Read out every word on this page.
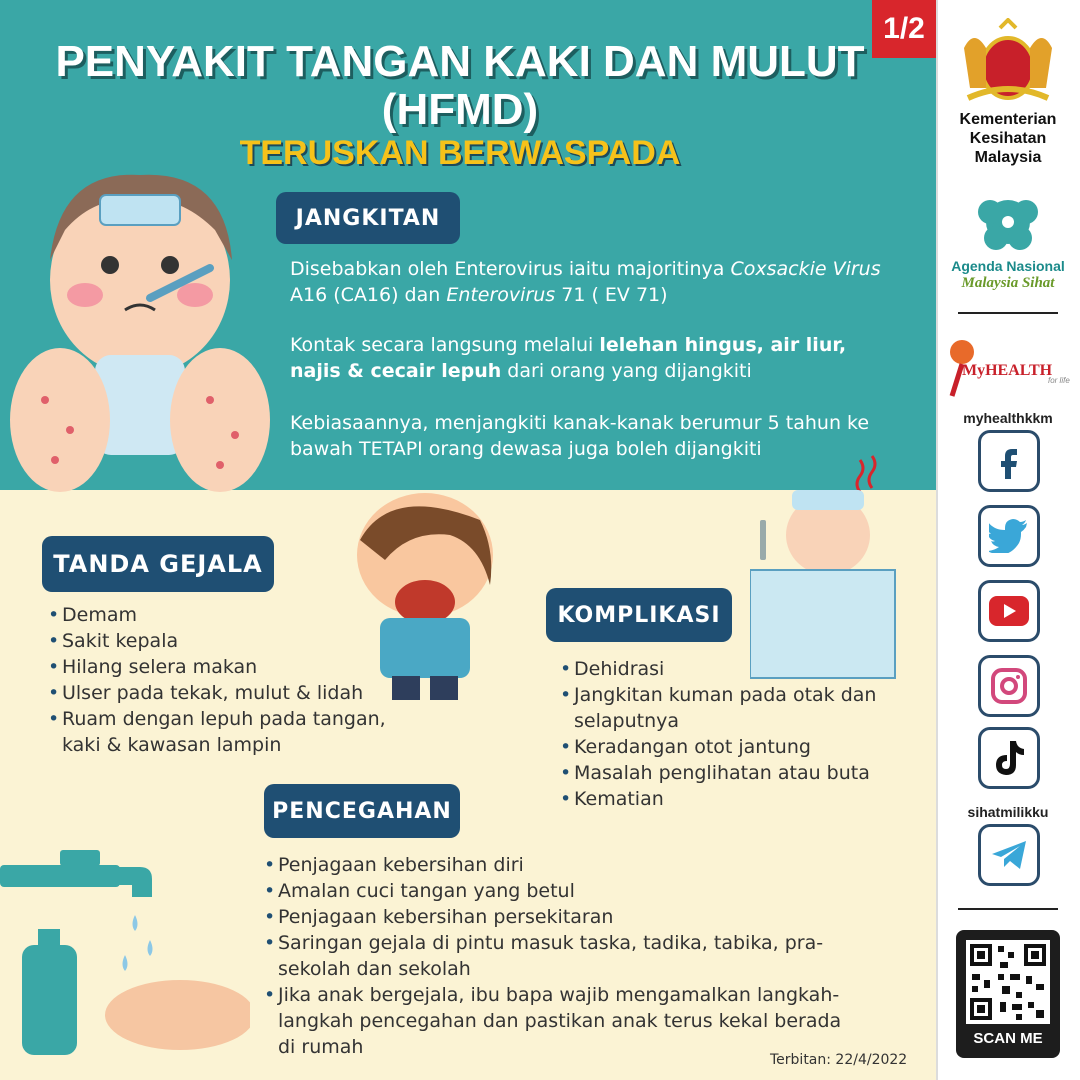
1/2
PENYAKIT TANGAN KAKI DAN MULUT
(HFMD)
TERUSKAN BERWASPADA
JANGKITAN

Disebabkan oleh Enterovirus iaitu majoritinya Coxsackie Virus A16 (CA16) dan Enterovirus 71 ( EV 71)

Kontak secara langsung melalui lelehan hingus, air liur, najis & cecair lepuh dari orang yang dijangkiti

Kebiasaannya, menjangkiti kanak-kanak berumur 5 tahun ke bawah TETAPI orang dewasa juga boleh dijangkiti

TANDA GEJALA
• Demam
• Sakit kepala
• Hilang selera makan
• Ulser pada tekak, mulut & lidah
• Ruam dengan lepuh pada tangan, kaki & kawasan lampin
KOMPLIKASI
• Dehidrasi
• Jangkitan kuman pada otak dan selaputnya
• Keradangan otot jantung
• Masalah penglihatan atau buta
• Kematian
PENCEGAHAN
• Penjagaan kebersihan diri
• Amalan cuci tangan yang betul
• Penjagaan kebersihan persekitaran
• Saringan gejala di pintu masuk taska, tadika, tabika, pra-sekolah dan sekolah
• Jika anak bergejala, ibu bapa wajib mengamalkan langkah-langkah pencegahan dan pastikan anak terus kekal berada di rumah
Terbitan: 22/4/2022
Kementerian Kesihatan Malaysia
Agenda Nasional
Malaysia Sihat
MyHEALTH
for life
myhealthkkm
sihatmilikku
SCAN ME
